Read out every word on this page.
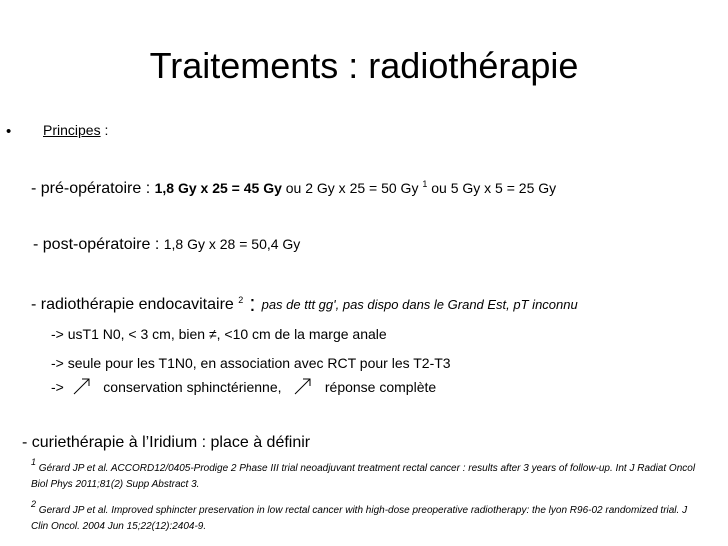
Traitements : radiothérapie
• Principes :
- pré-opératoire : 1,8 Gy x 25 = 45 Gy ou 2 Gy x 25 = 50 Gy $^1$ ou 5 Gy x 5 = 25 Gy
- post-opératoire : 1,8 Gy x 28 = 50,4 Gy
- radiothérapie endocavitaire $^2$ : pas de ttt gg', pas dispo dans le Grand Est, pT inconnu
-> usT1 N0, < 3 cm, bien ≠, <10 cm de la marge anale
-> seule pour les T1N0, en association avec RCT pour les T2-T3
->	conservation sphinctérienne,	réponse complète
- curiethérapie à l’Iridium : place à définir
$^1$ Gérard JP et al. ACCORD12/0405-Prodige 2 Phase III trial neoadjuvant treatment rectal cancer : results after 3 years of follow-up. Int J Radiat Oncol Biol Phys 2011;81(2) Supp Abstract 3.
$^2$ Gerard JP et al. Improved sphincter preservation in low rectal cancer with high-dose preoperative radiotherapy: the lyon R96-02 randomized trial. J Clin Oncol. 2004 Jun 15;22(12):2404-9.
